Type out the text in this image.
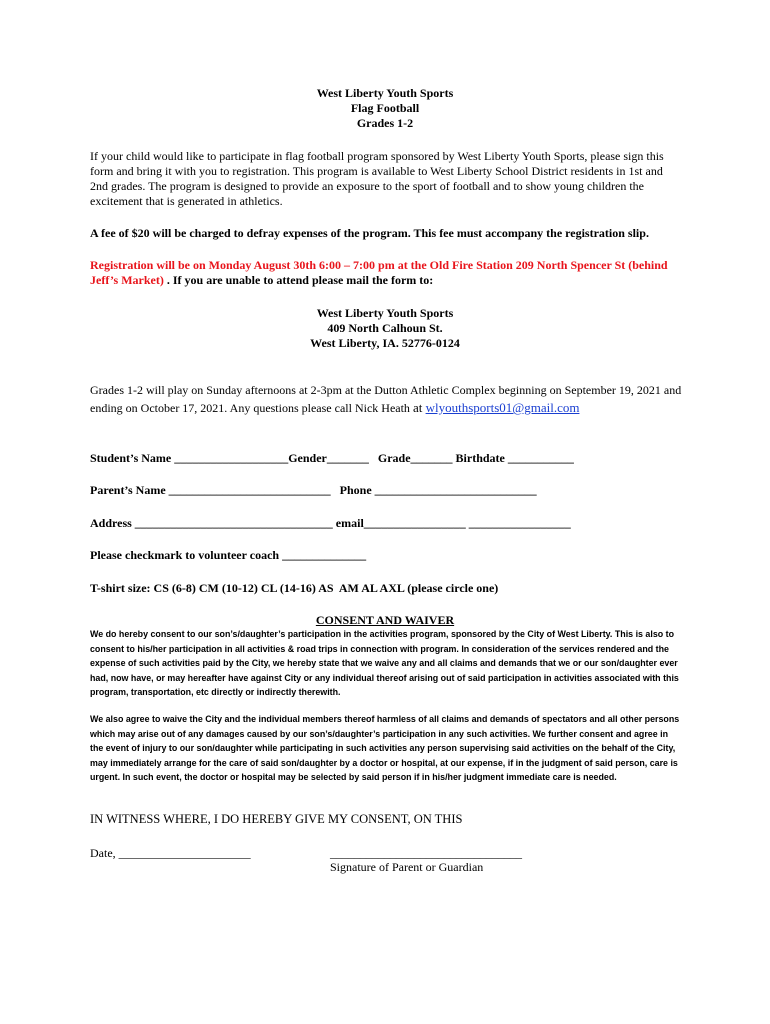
West Liberty Youth Sports
Flag Football
Grades 1-2
If your child would like to participate in flag football program sponsored by West Liberty Youth Sports, please sign this form and bring it with you to registration. This program is available to West Liberty School District residents in 1st and 2nd grades. The program is designed to provide an exposure to the sport of football and to show young children the excitement that is generated in athletics.
A fee of $20 will be charged to defray expenses of the program. This fee must accompany the registration slip.
Registration will be on Monday August 30th 6:00 – 7:00 pm at the Old Fire Station 209 North Spencer St (behind Jeff’s Market) . If you are unable to attend please mail the form to:
West Liberty Youth Sports
409 North Calhoun St.
West Liberty, IA. 52776-0124
Grades 1-2 will play on Sunday afternoons at 2-3pm at the Dutton Athletic Complex beginning on September 19, 2021 and ending on October 17, 2021. Any questions please call Nick Heath at wlyouthsports01@gmail.com
Student’s Name ___________________Gender_______   Grade_______ Birthdate ___________
Parent’s Name ___________________________   Phone ___________________________
Address _________________________________ email_________________ _________________
Please checkmark to volunteer coach ______________
T-shirt size: CS (6-8) CM (10-12) CL (14-16) AS  AM AL AXL (please circle one)
CONSENT AND WAIVER
We do hereby consent to our son’s/daughter’s participation in the activities program, sponsored by the City of West Liberty. This is also to consent to his/her participation in all activities & road trips in connection with program. In consideration of the services rendered and the expense of such activities paid by the City, we hereby state that we waive any and all claims and demands that we or our son/daughter ever had, now have, or may hereafter have against City or any individual thereof arising out of said participation in activities associated with this program, transportation, etc directly or indirectly therewith.
We also agree to waive the City and the individual members thereof harmless of all claims and demands of spectators and all other persons which may arise out of any damages caused by our son’s/daughter’s participation in any such activities. We further consent and agree in the event of injury to our son/daughter while participating in such activities any person supervising said activities on the behalf of the City, may immediately arrange for the care of said son/daughter by a doctor or hospital, at our expense, if in the judgment of said person, care is urgent. In such event, the doctor or hospital may be selected by said person if in his/her judgment immediate care is needed.
IN WITNESS WHERE, I DO HEREBY GIVE MY CONSENT, ON THIS
Date, ______________________	________________________________
Signature of Parent or Guardian
